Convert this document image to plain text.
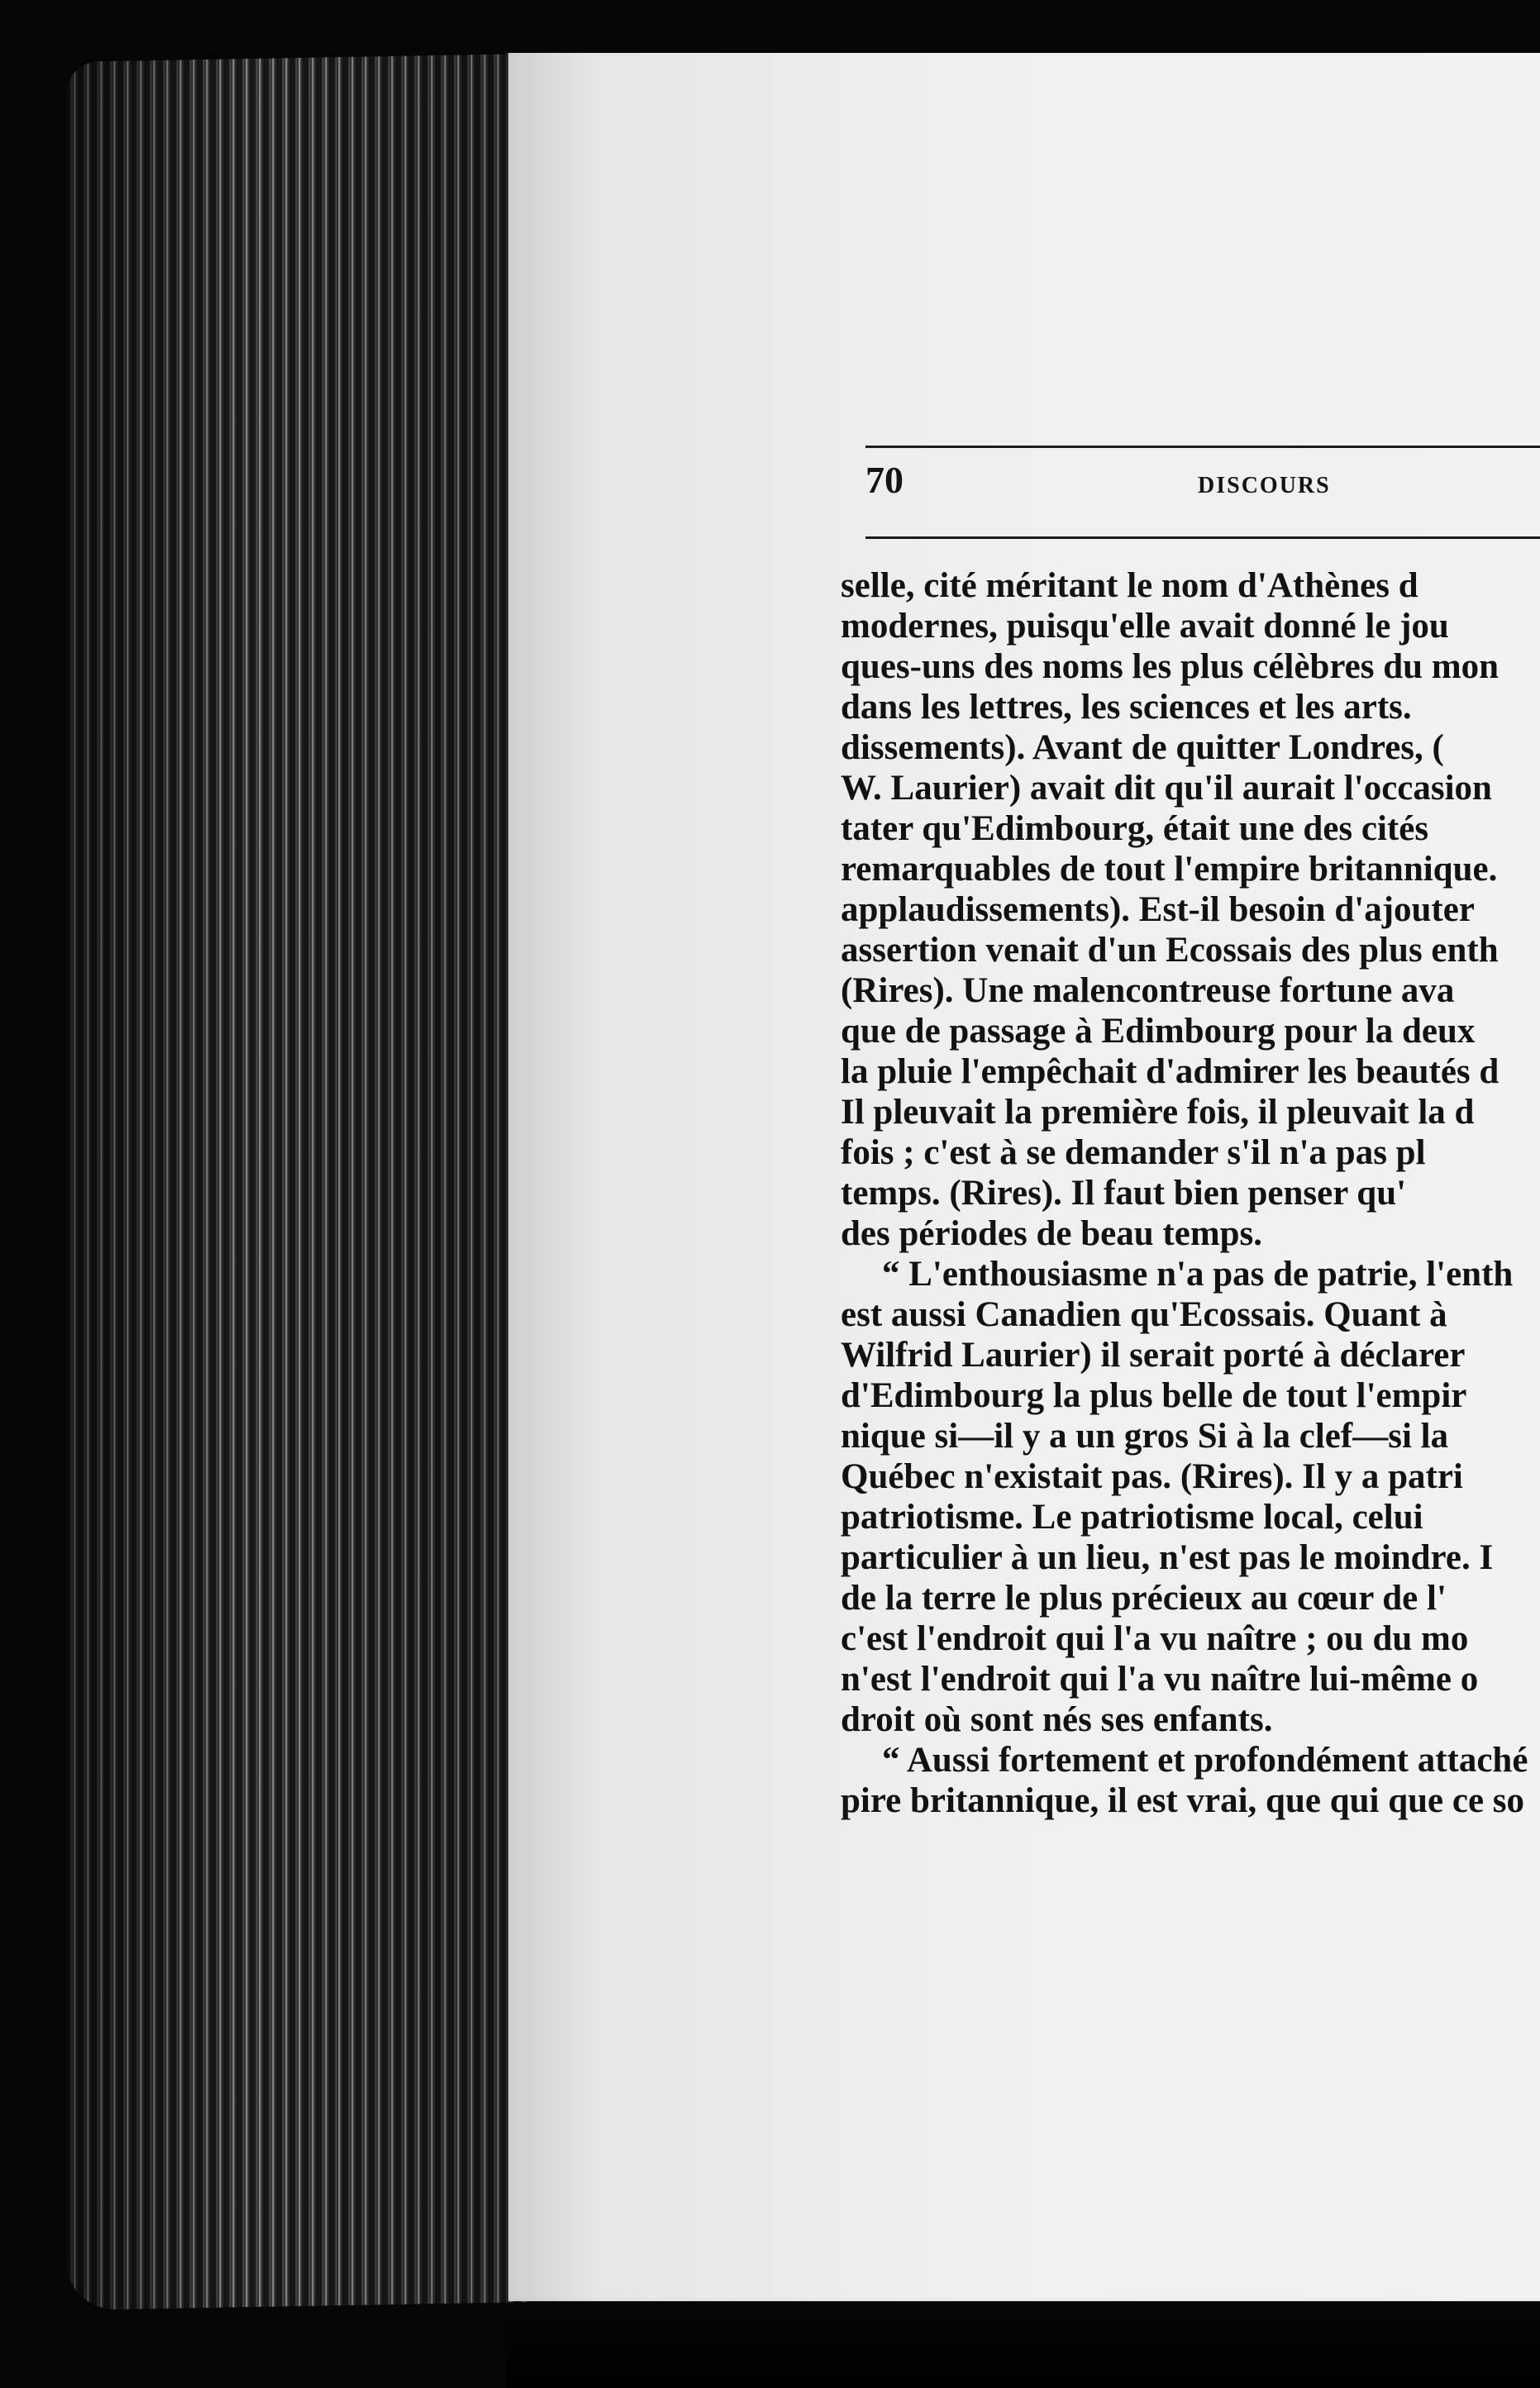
70	DISCOURS
selle, cité méritant le nom d'Athènes d
modernes, puisqu'elle avait donné le jou
ques-uns des noms les plus célèbres du mon
dans les lettres, les sciences et les arts.
dissements). Avant de quitter Londres, (
W. Laurier) avait dit qu'il aurait l'occasion
tater qu'Edimbourg, était une des cités
remarquables de tout l'empire britannique.
applaudissements). Est-il besoin d'ajouter
assertion venait d'un Ecossais des plus enth
(Rires). Une malencontreuse fortune ava
que de passage à Edimbourg pour la deux
la pluie l'empêchait d'admirer les beautés d
Il pleuvait la première fois, il pleuvait la d
fois ; c'est à se demander s'il n'a pas pl
temps. (Rires). Il faut bien penser qu'
des périodes de beau temps.
“ L'enthousiasme n'a pas de patrie, l'enth
est aussi Canadien qu'Ecossais. Quant à
Wilfrid Laurier) il serait porté à déclarer
d'Edimbourg la plus belle de tout l'empir
nique si—il y a un gros Si à la clef—si la
Québec n'existait pas. (Rires). Il y a patri
patriotisme. Le patriotisme local, celui
particulier à un lieu, n'est pas le moindre. I
de la terre le plus précieux au cœur de l'
c'est l'endroit qui l'a vu naître ; ou du mo
n'est l'endroit qui l'a vu naître lui-même o
droit où sont nés ses enfants.
“ Aussi fortement et profondément attaché
pire britannique, il est vrai, que qui que ce so
